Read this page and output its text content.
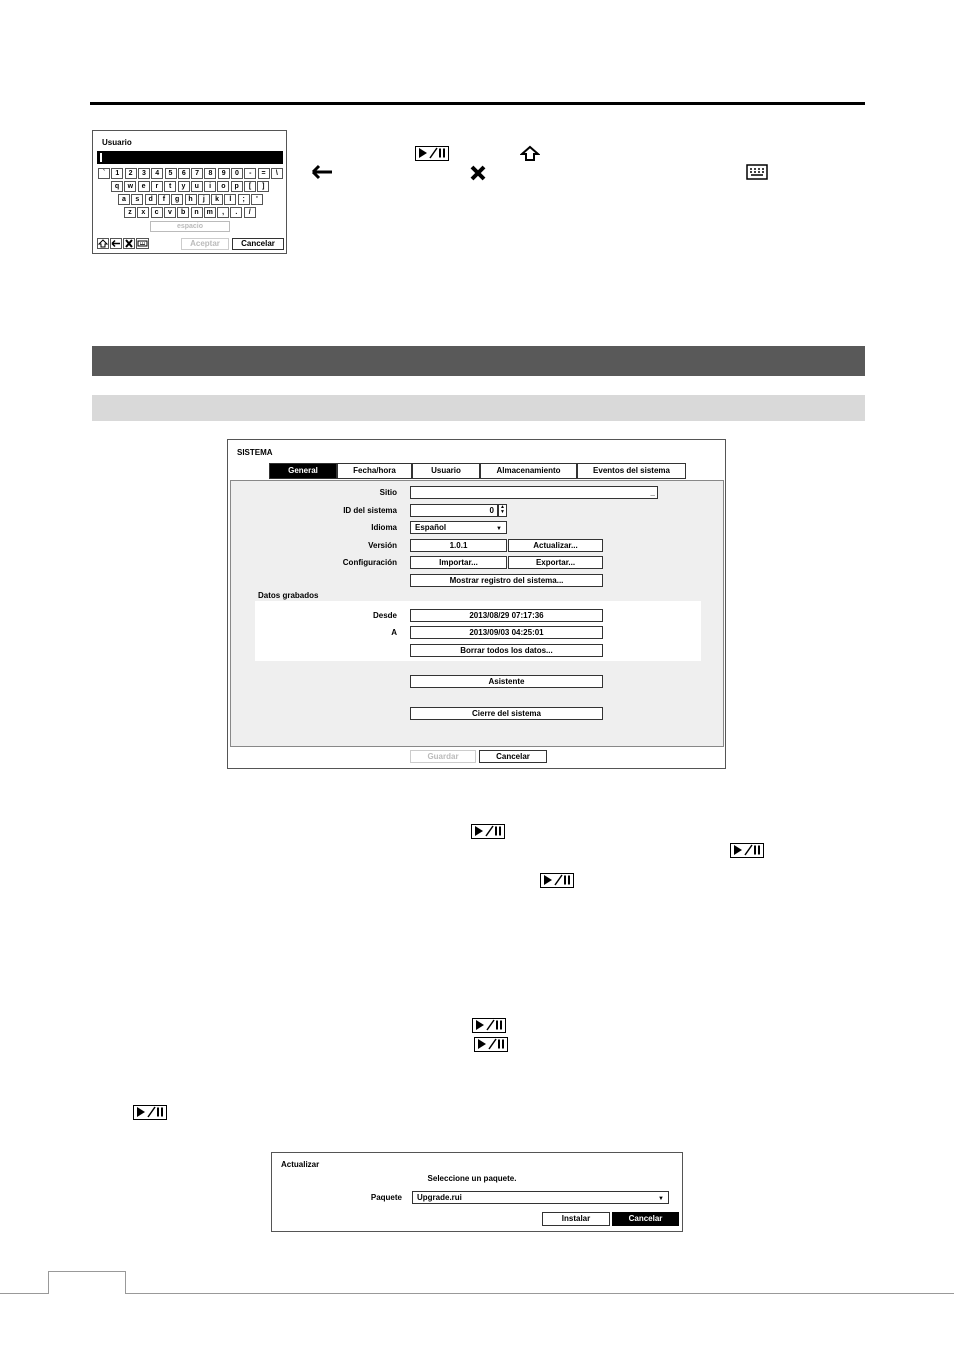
Usuario
`	1	2	3	4	5	6	7	8	9	0	-	=	\
q	w	e	r	t	y	u	i	o	p	[	]
a	s	d	f	g	h	j	k	l	;	'
z	x	c	v	b	n	m	,	.	/
espacio
Aceptar	Cancelar
SISTEMA
General	Fecha/hora	Usuario	Almacenamiento	Eventos del sistema
Sitio	_
ID del sistema	0	▲
▼
Idioma	Español	▼
Versión	1.0.1	Actualizar...
Configuración	Importar...	Exportar...
Mostrar registro del sistema...
Datos grabados
Desde	2013/08/29 07:17:36
A	2013/09/03 04:25:01
Borrar todos los datos...
Asistente
Cierre del sistema
Guardar	Cancelar
Actualizar
Seleccione un paquete.
Paquete	Upgrade.rui	▼
Instalar	Cancelar
